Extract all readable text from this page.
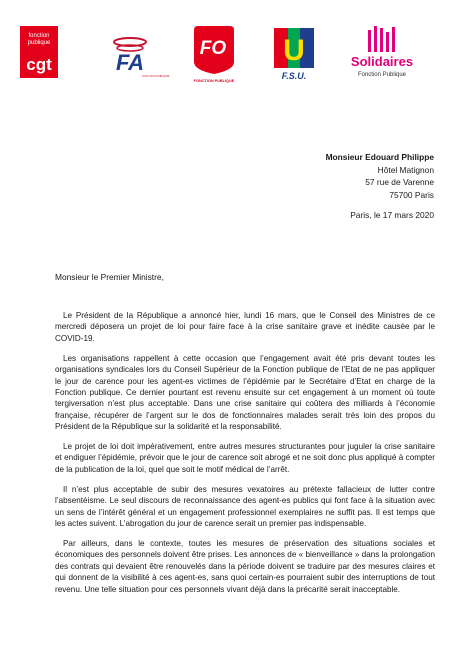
fonction
publique
cgt	FA
FONCTION PUBLIQUE
FO
FONCTION PUBLIQUE
U
F.S.U.
Solidaires
Fonction Publique
Monsieur Edouard Philippe
Hôtel Matignon
57 rue de Varenne
75700 Paris
Paris, le 17 mars 2020
Monsieur le Premier Ministre,

Le Président de la République a annoncé hier, lundi 16 mars, que le Conseil des Ministres de ce mercredi déposera un projet de loi pour faire face à la crise sanitaire grave et inédite causée par le COVID-19.

Les organisations rappellent à cette occasion que l’engagement avait été pris devant toutes les organisations syndicales lors du Conseil Supérieur de la Fonction publique de l’Etat de ne pas appliquer le jour de carence pour les agent-es victimes de l’épidémie par le Secrétaire d’Etat en charge de la Fonction publique. Ce dernier pourtant est revenu ensuite sur cet engagement à un moment où toute tergiversation n’est plus acceptable. Dans une crise sanitaire qui coûtera des milliards à l’économie française, récupérer de l’argent sur le dos de fonctionnaires malades serait très loin des propos du Président de la République sur la solidarité et la responsabilité.

Le projet de loi doit impérativement, entre autres mesures structurantes pour juguler la crise sanitaire et endiguer l’épidémie, prévoir que le jour de carence soit abrogé et ne soit donc plus appliqué à compter de la publication de la loi, quel que soit le motif médical de l’arrêt.

Il n’est plus acceptable de subir des mesures vexatoires au prétexte fallacieux de lutter contre l’absentéisme. Le seul discours de reconnaissance des agent-es publics qui font face à la situation avec un sens de l’intérêt général et un engagement professionnel exemplaires ne suffit pas. Il est temps que les actes suivent. L’abrogation du jour de carence serait un premier pas indispensable.

Par ailleurs, dans le contexte, toutes les mesures de préservation des situations sociales et économiques des personnels doivent être prises. Les annonces de « bienveillance » dans la prolongation des contrats qui devaient être renouvelés dans la période doivent se traduire par des mesures claires et qui donnent de la visibilité à ces agent-es, sans quoi certain-es pourraient subir des interruptions de tout revenu. Une telle situation pour ces personnels vivant déjà dans la précarité serait inacceptable.
